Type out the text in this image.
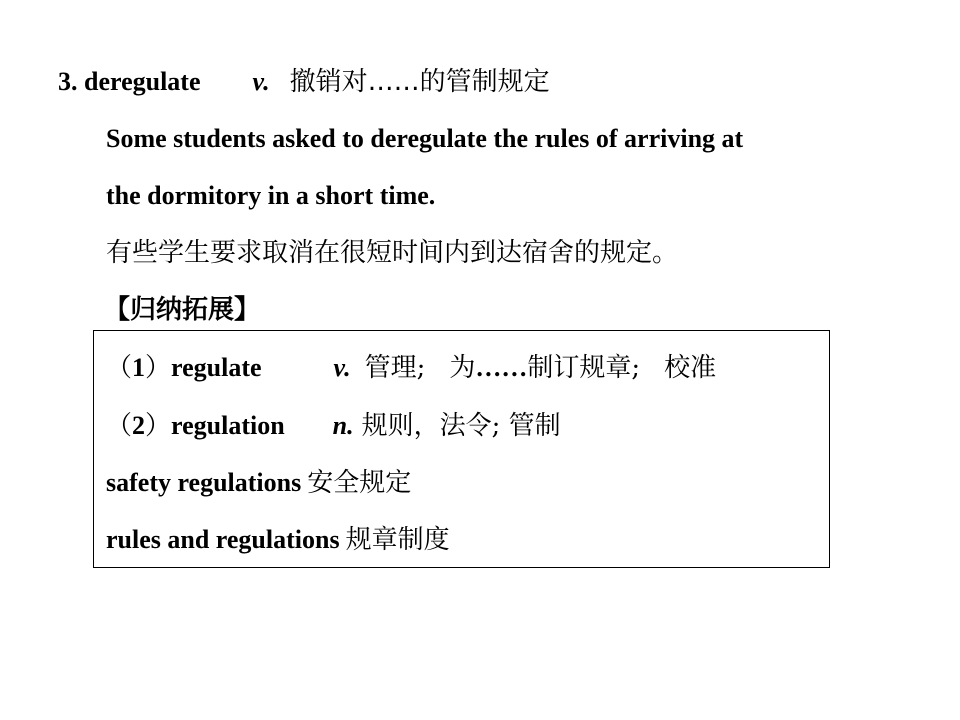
3. deregulate v. 撤销对……的管制规定
Some students asked to deregulate the rules of arriving at
the dormitory in a short time.
有些学生要求取消在很短时间内到达宿舍的规定。
【归纳拓展】
（1）regulate	v. 管理; 为……制订规章; 校准
（2）regulation n. 规则，法令; 管制
safety regulations 安全规定
rules and regulations 规章制度
